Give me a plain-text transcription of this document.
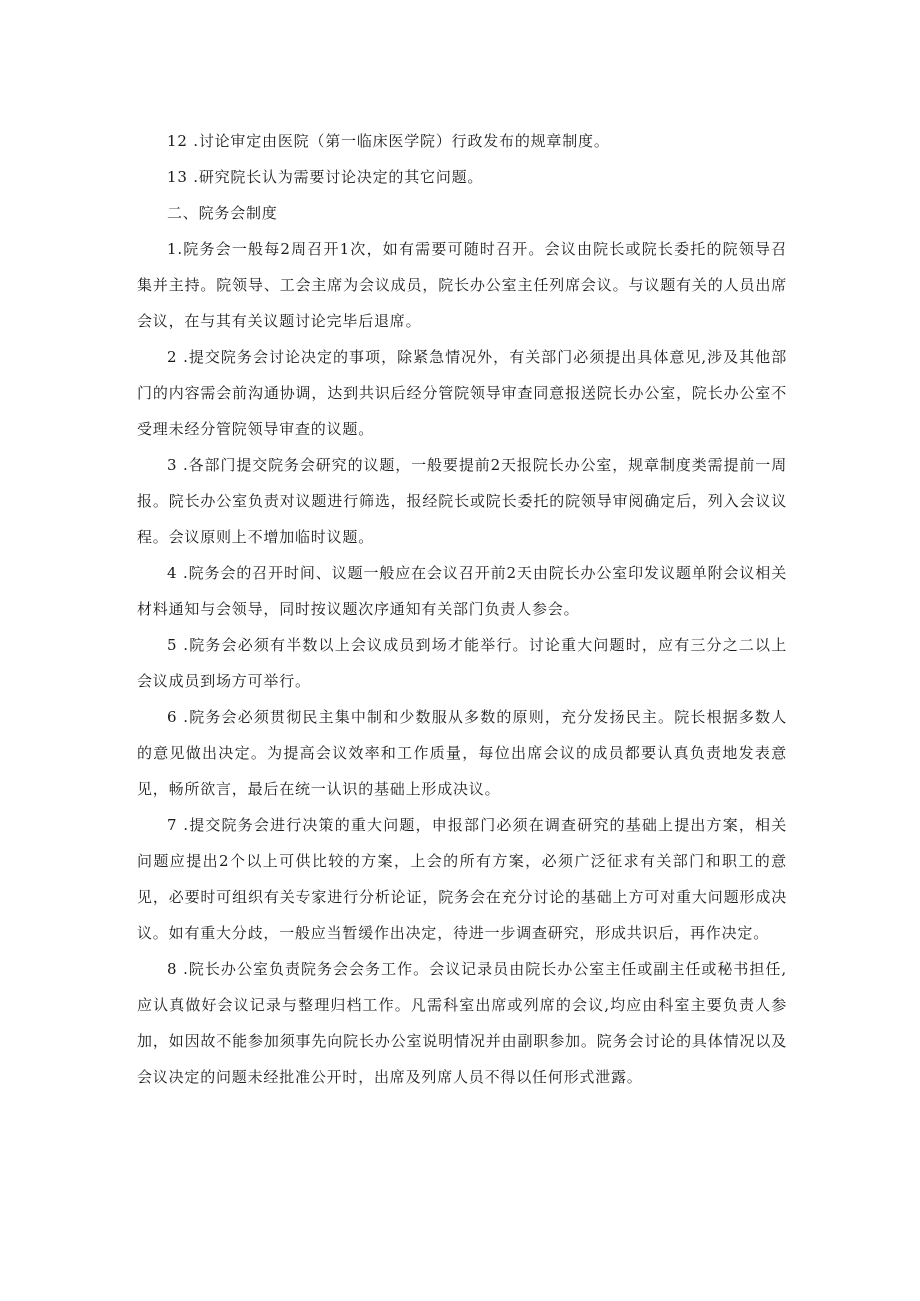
12 .讨论审定由医院（第一临床医学院）行政发布的规章制度。

13 .研究院长认为需要讨论决定的其它问题。

二、院务会制度

1.院务会一般每2周召开1次，如有需要可随时召开。会议由院长或院长委托的院领导召集并主持。院领导、工会主席为会议成员，院长办公室主任列席会议。与议题有关的人员出席会议，在与其有关议题讨论完毕后退席。

2 .提交院务会讨论决定的事项，除紧急情况外，有关部门必须提出具体意见,涉及其他部门的内容需会前沟通协调，达到共识后经分管院领导审查同意报送院长办公室，院长办公室不受理未经分管院领导审查的议题。

3 .各部门提交院务会研究的议题，一般要提前2天报院长办公室，规章制度类需提前一周报。院长办公室负责对议题进行筛选，报经院长或院长委托的院领导审阅确定后，列入会议议程。会议原则上不增加临时议题。

4 .院务会的召开时间、议题一般应在会议召开前2天由院长办公室印发议题单附会议相关材料通知与会领导，同时按议题次序通知有关部门负责人参会。

5 .院务会必须有半数以上会议成员到场才能举行。讨论重大问题时，应有三分之二以上会议成员到场方可举行。

6 .院务会必须贯彻民主集中制和少数服从多数的原则，充分发扬民主。院长根据多数人的意见做出决定。为提高会议效率和工作质量，每位出席会议的成员都要认真负责地发表意见，畅所欲言，最后在统一认识的基础上形成决议。

7 .提交院务会进行决策的重大问题，申报部门必须在调查研究的基础上提出方案，相关问题应提出2个以上可供比较的方案，上会的所有方案，必须广泛征求有关部门和职工的意见，必要时可组织有关专家进行分析论证，院务会在充分讨论的基础上方可对重大问题形成决议。如有重大分歧，一般应当暂缓作出决定，待进一步调查研究，形成共识后，再作决定。

8 .院长办公室负责院务会会务工作。会议记录员由院长办公室主任或副主任或秘书担任,应认真做好会议记录与整理归档工作。凡需科室出席或列席的会议,均应由科室主要负责人参加，如因故不能参加须事先向院长办公室说明情况并由副职参加。院务会讨论的具体情况以及会议决定的问题未经批准公开时，出席及列席人员不得以任何形式泄露。
